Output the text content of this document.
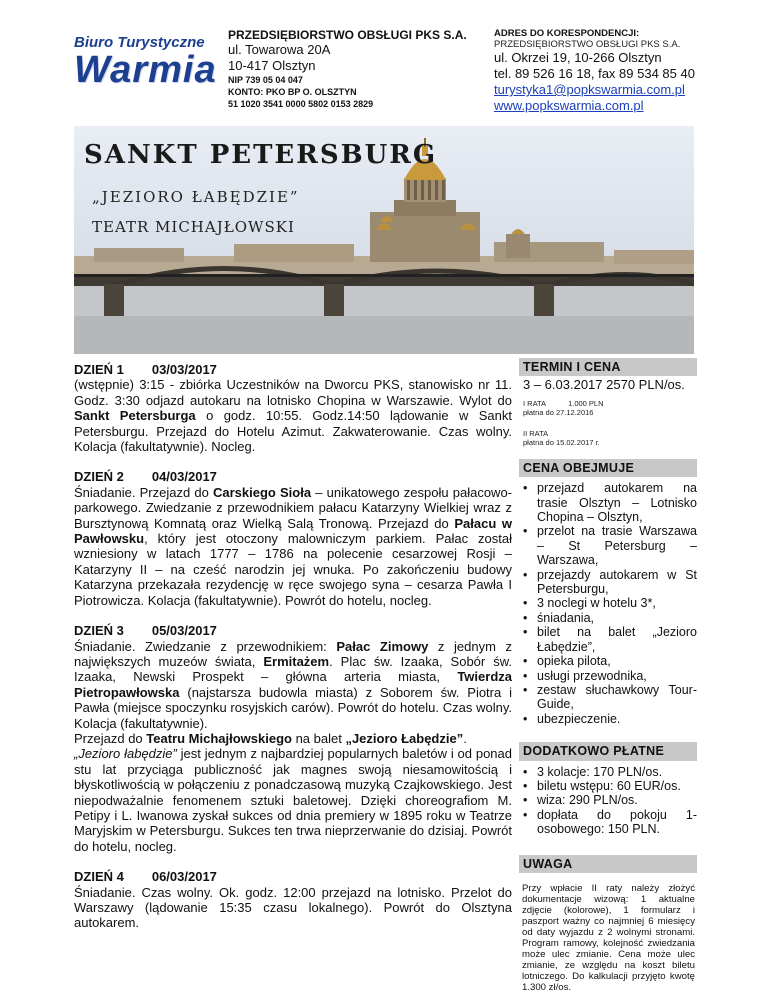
Biuro Turystyczne
Warmia
PRZEDSIĘBIORSTWO OBSŁUGI PKS S.A.
ul. Towarowa 20A
10-417 Olsztyn
NIP 739 05 04 047
KONTO: PKO BP O. OLSZTYN
51 1020 3541 0000 5802 0153 2829
ADRES DO KORESPONDENCJI:
PRZEDSIĘBIORSTWO OBSŁUGI PKS S.A.
ul. Okrzei 19, 10-266 Olsztyn
tel. 89 526 16 18, fax 89 534 85 40
turystyka1@popkswarmia.com.pl
www.popkswarmia.com.pl
SANKT PETERSBURG
„JEZIORO ŁABĘDZIE”
TEATR MICHAJŁOWSKI
DZIEŃ 1 03/03/2017

(wstępnie) 3:15 - zbiórka Uczestników na Dworcu PKS, stanowisko nr 11. Godz. 3:30 odjazd autokaru na lotnisko Chopina w Warszawie. Wylot do Sankt Petersburga o godz. 10:55. Godz.14:50 lądowanie w Sankt Petersburgu. Przejazd do Hotelu Azimut. Zakwaterowanie. Czas wolny. Kolacja (fakultatywnie). Nocleg.

DZIEŃ 2 04/03/2017

Śniadanie. Przejazd do Carskiego Sioła – unikatowego zespołu pałacowo-parkowego. Zwiedzanie z przewodnikiem pałacu Katarzyny Wielkiej wraz z Bursztynową Komnatą oraz Wielką Salą Tronową. Przejazd do Pałacu w Pawłowsku, który jest otoczony malowniczym parkiem. Pałac został wzniesiony w latach 1777 – 1786 na polecenie cesarzowej Rosji – Katarzyny II – na cześć narodzin jej wnuka. Po zakończeniu budowy Katarzyna przekazała rezydencję w ręce swojego syna – cesarza Pawła I Piotrowicza. Kolacja (fakultatywnie). Powrót do hotelu, nocleg.

DZIEŃ 3 05/03/2017

Śniadanie. Zwiedzanie z przewodnikiem: Pałac Zimowy z jednym z największych muzeów świata, Ermitażem. Plac św. Izaaka, Sobór św. Izaaka, Newski Prospekt – główna arteria miasta, Twierdza Pietropawłowska (najstarsza budowla miasta) z Soborem św. Piotra i Pawła (miejsce spoczynku rosyjskich carów). Powrót do hotelu. Czas wolny. Kolacja (fakultatywnie).

Przejazd do Teatru Michajłowskiego na balet „Jezioro Łabędzie”.
„Jezioro łabędzie” jest jednym z najbardziej popularnych baletów i od ponad stu lat przyciąga publiczność jak magnes swoją niesamowitością i błyskotliwością w połączeniu z ponadczasową muzyką Czajkowskiego. Jest niepodważalnie fenomenem sztuki baletowej. Dzięki choreografiom M. Petipy i L. Iwanowa zyskał sukces od dnia premiery w 1895 roku w Teatrze Maryjskim w Petersburgu. Sukces ten trwa nieprzerwanie do dzisiaj. Powrót do hotelu, nocleg.

DZIEŃ 4 06/03/2017

Śniadanie. Czas wolny. Ok. godz. 12:00 przejazd na lotnisko. Przelot do Warszawy (lądowanie 15:35 czasu lokalnego). Powrót do Olsztyna autokarem.

TERMIN I CENA
3 – 6.03.2017 2570 PLN/os.
I RATA	1.000 PLN
płatna do 27.12.2016
II RATA
płatna do 15.02.2017 r.
CENA OBEJMUJE
• przejazd autokarem na trasie Olsztyn – Lotnisko Chopina – Olsztyn,
• przelot na trasie Warszawa – St Petersburg – Warszawa,
• przejazdy autokarem w St Petersburgu,
• 3 noclegi w hotelu 3*,
• śniadania,
• bilet na balet „Jezioro Łabędzie”,
• opieka pilota,
• usługi przewodnika,
• zestaw słuchawkowy Tour-Guide,
• ubezpieczenie.
DODATKOWO PŁATNE
• 3 kolacje: 170 PLN/os.
• biletu wstępu: 60 EUR/os.
• wiza: 290 PLN/os.
• dopłata do pokoju 1-osobowego: 150 PLN.
UWAGA
Przy wpłacie II raty należy złożyć dokumentacje wizową: 1 aktualne zdjęcie (kolorowe), 1 formularz i paszport ważny co najmniej 6 miesięcy od daty wyjazdu z 2 wolnymi stronami. Program ramowy, kolejność zwiedzania może ulec zmianie. Cena może ulec zmianie, ze względu na koszt biletu lotniczego. Do kalkulacji przyjęto kwotę 1.300 zł/os.
